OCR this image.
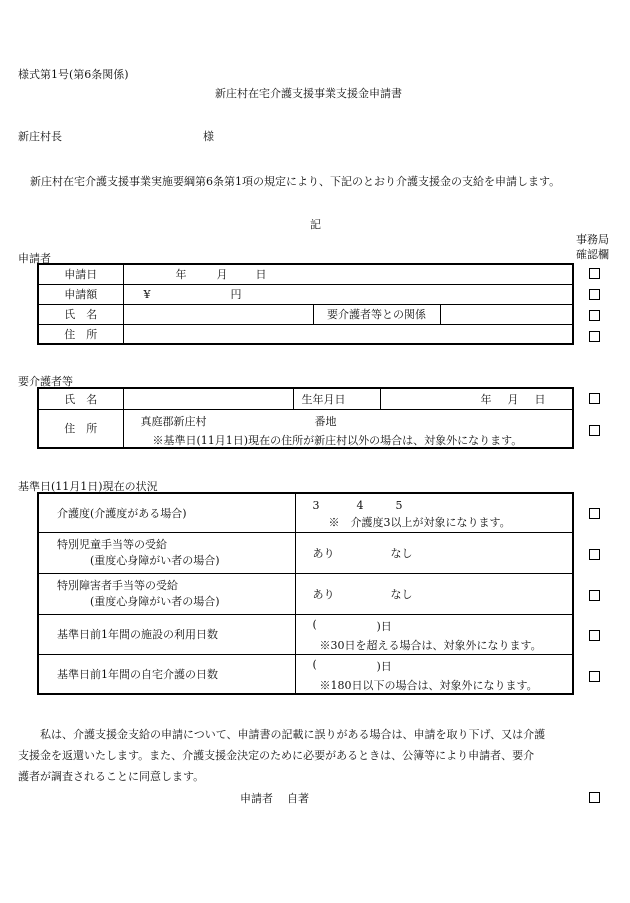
様式第1号(第6条関係)
新庄村在宅介護支援事業支援金申請書
新庄村長	様
新庄村在宅介護支援事業実施要綱第6条第1項の規定により、下記のとおり介護支援金の支給を申請します。
記
事務局
確認欄
申請者
申請日	年 月 日		
申請額	¥ 円		
氏　名		要介護者等との関係	
住　所			
要介護者等
氏　名		生年月日	年 月 日
住　所	真庭郡新庄村 番地
※基準日(11月1日)現在の住所が新庄村以外の場合は、対象外になります。		
基準日(11月1日)現在の状況
介護度(介護度がある場合)	3 4 5
※　介護度3以上が対象になります。

特別児童手当等の受給
(重度心身障がい者の場合)	あり なし

特別障害者手当等の受給
(重度心身障がい者の場合)	あり なし
基準日前1年間の施設の利用日数	( )日
※30日を超える場合は、対象外になります。

基準日前1年間の自宅介護の日数	( )日
※180日以下の場合は、対象外になります。
私は、介護支援金支給の申請について、申請書の記載に誤りがある場合は、申請を取り下げ、又は介護
支援金を返還いたします。また、介護支援金決定のために必要があるときは、公簿等により申請者、要介
護者が調査されることに同意します。
申請者 自著
